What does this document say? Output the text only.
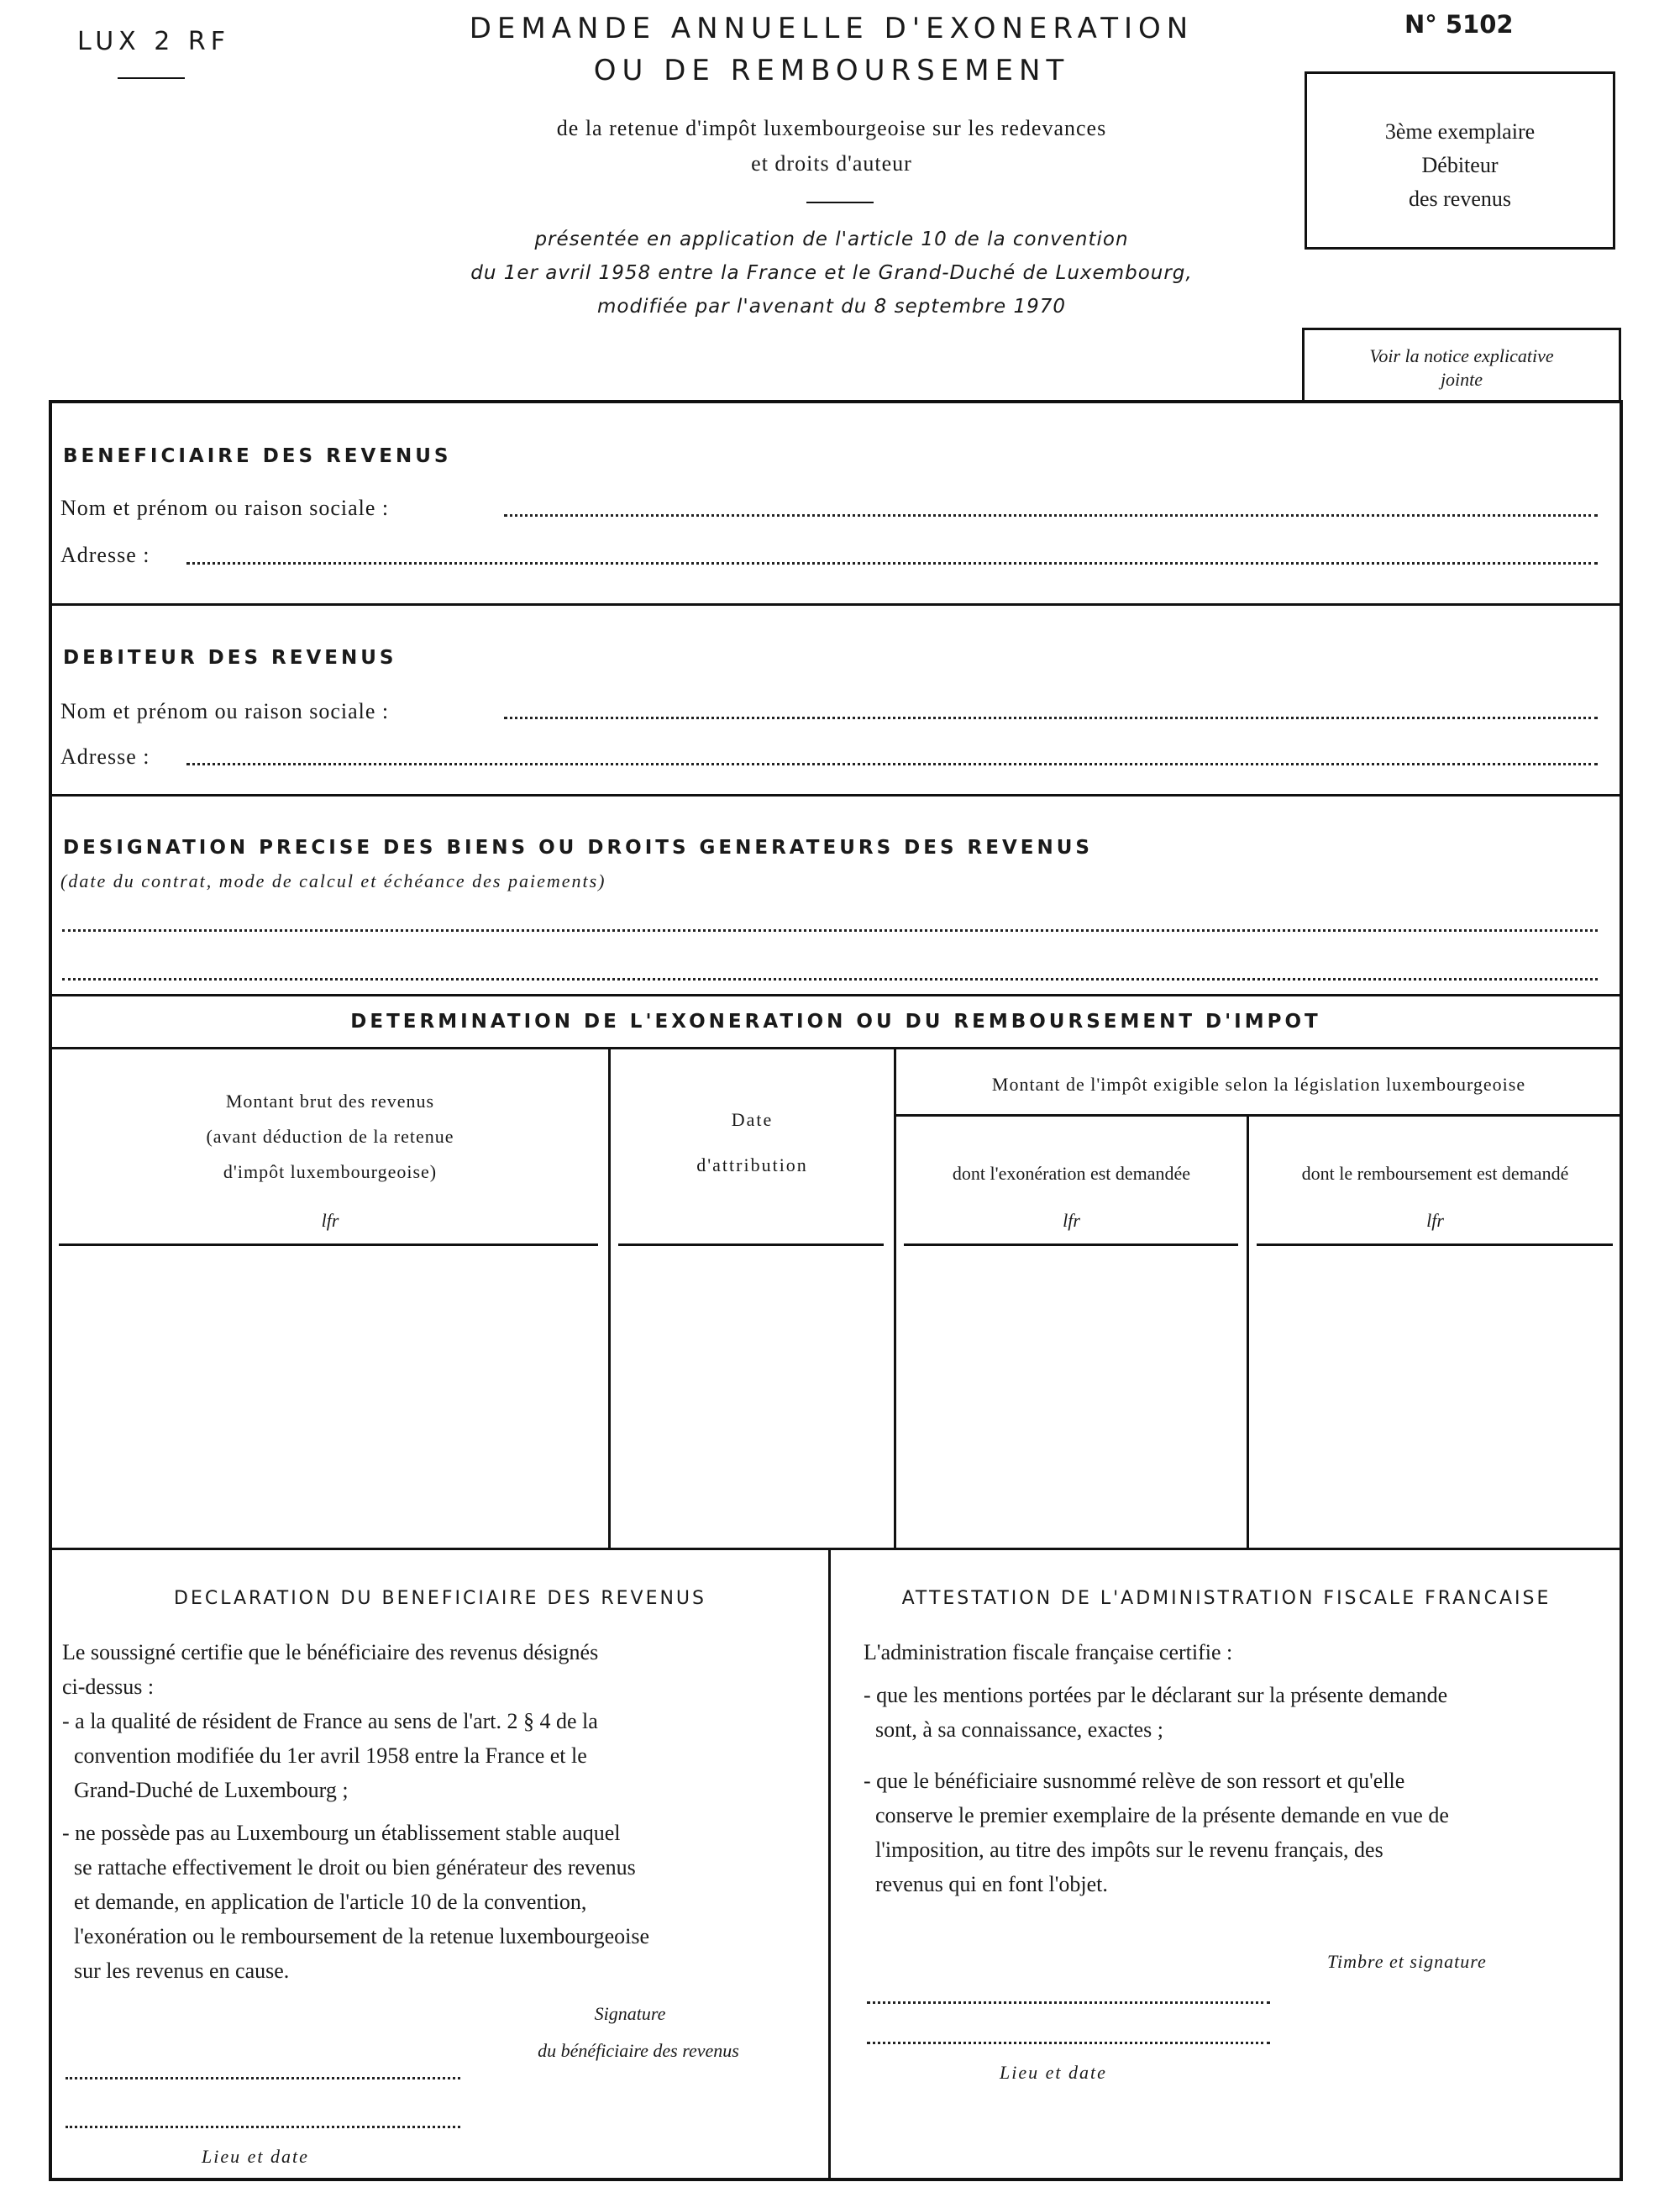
LUX 2 RF	DEMANDE ANNUELLE D'EXONERATION
OU DE REMBOURSEMENT
N° 5102
de la retenue d'impôt luxembourgeoise sur les redevances
et droits d'auteur
présentée en application de l'article 10 de la convention
du 1er avril 1958 entre la France et le Grand-Duché de Luxembourg,
modifiée par l'avenant du 8 septembre 1970
3ème exemplaire
Débiteur
des revenus
Voir la notice explicative
jointe
BENEFICIAIRE DES REVENUS
Nom et prénom ou raison sociale :
Adresse :
DEBITEUR DES REVENUS
Nom et prénom ou raison sociale :
Adresse :
DESIGNATION PRECISE DES BIENS OU DROITS GENERATEURS DES REVENUS
(date du contrat, mode de calcul et échéance des paiements)
DETERMINATION DE L'EXONERATION OU DU REMBOURSEMENT D'IMPOT
Montant brut des revenus
(avant déduction de la retenue
d'impôt luxembourgeoise)
lfr
Date
d'attribution
Montant de l'impôt exigible selon la législation luxembourgeoise
dont l'exonération est demandée
lfr
dont le remboursement est demandé
lfr
DECLARATION DU BENEFICIAIRE DES REVENUS
Le soussigné certifie que le bénéficiaire des revenus désignés
ci-dessus :
- a la qualité de résident de France au sens de l'art. 2 § 4 de la
convention modifiée du 1er avril 1958 entre la France et le
Grand-Duché de Luxembourg ;
- ne possède pas au Luxembourg un établissement stable auquel
se rattache effectivement le droit ou bien générateur des revenus
et demande, en application de l'article 10 de la convention,
l'exonération ou le remboursement de la retenue luxembourgeoise
sur les revenus en cause.
Signature
du bénéficiaire des revenus
Lieu et date
ATTESTATION DE L'ADMINISTRATION FISCALE FRANCAISE
L'administration fiscale française certifie :
- que les mentions portées par le déclarant sur la présente demande
sont, à sa connaissance, exactes ;
- que le bénéficiaire susnommé relève de son ressort et qu'elle
conserve le premier exemplaire de la présente demande en vue de
l'imposition, au titre des impôts sur le revenu français, des
revenus qui en font l'objet.
Timbre et signature
Lieu et date
